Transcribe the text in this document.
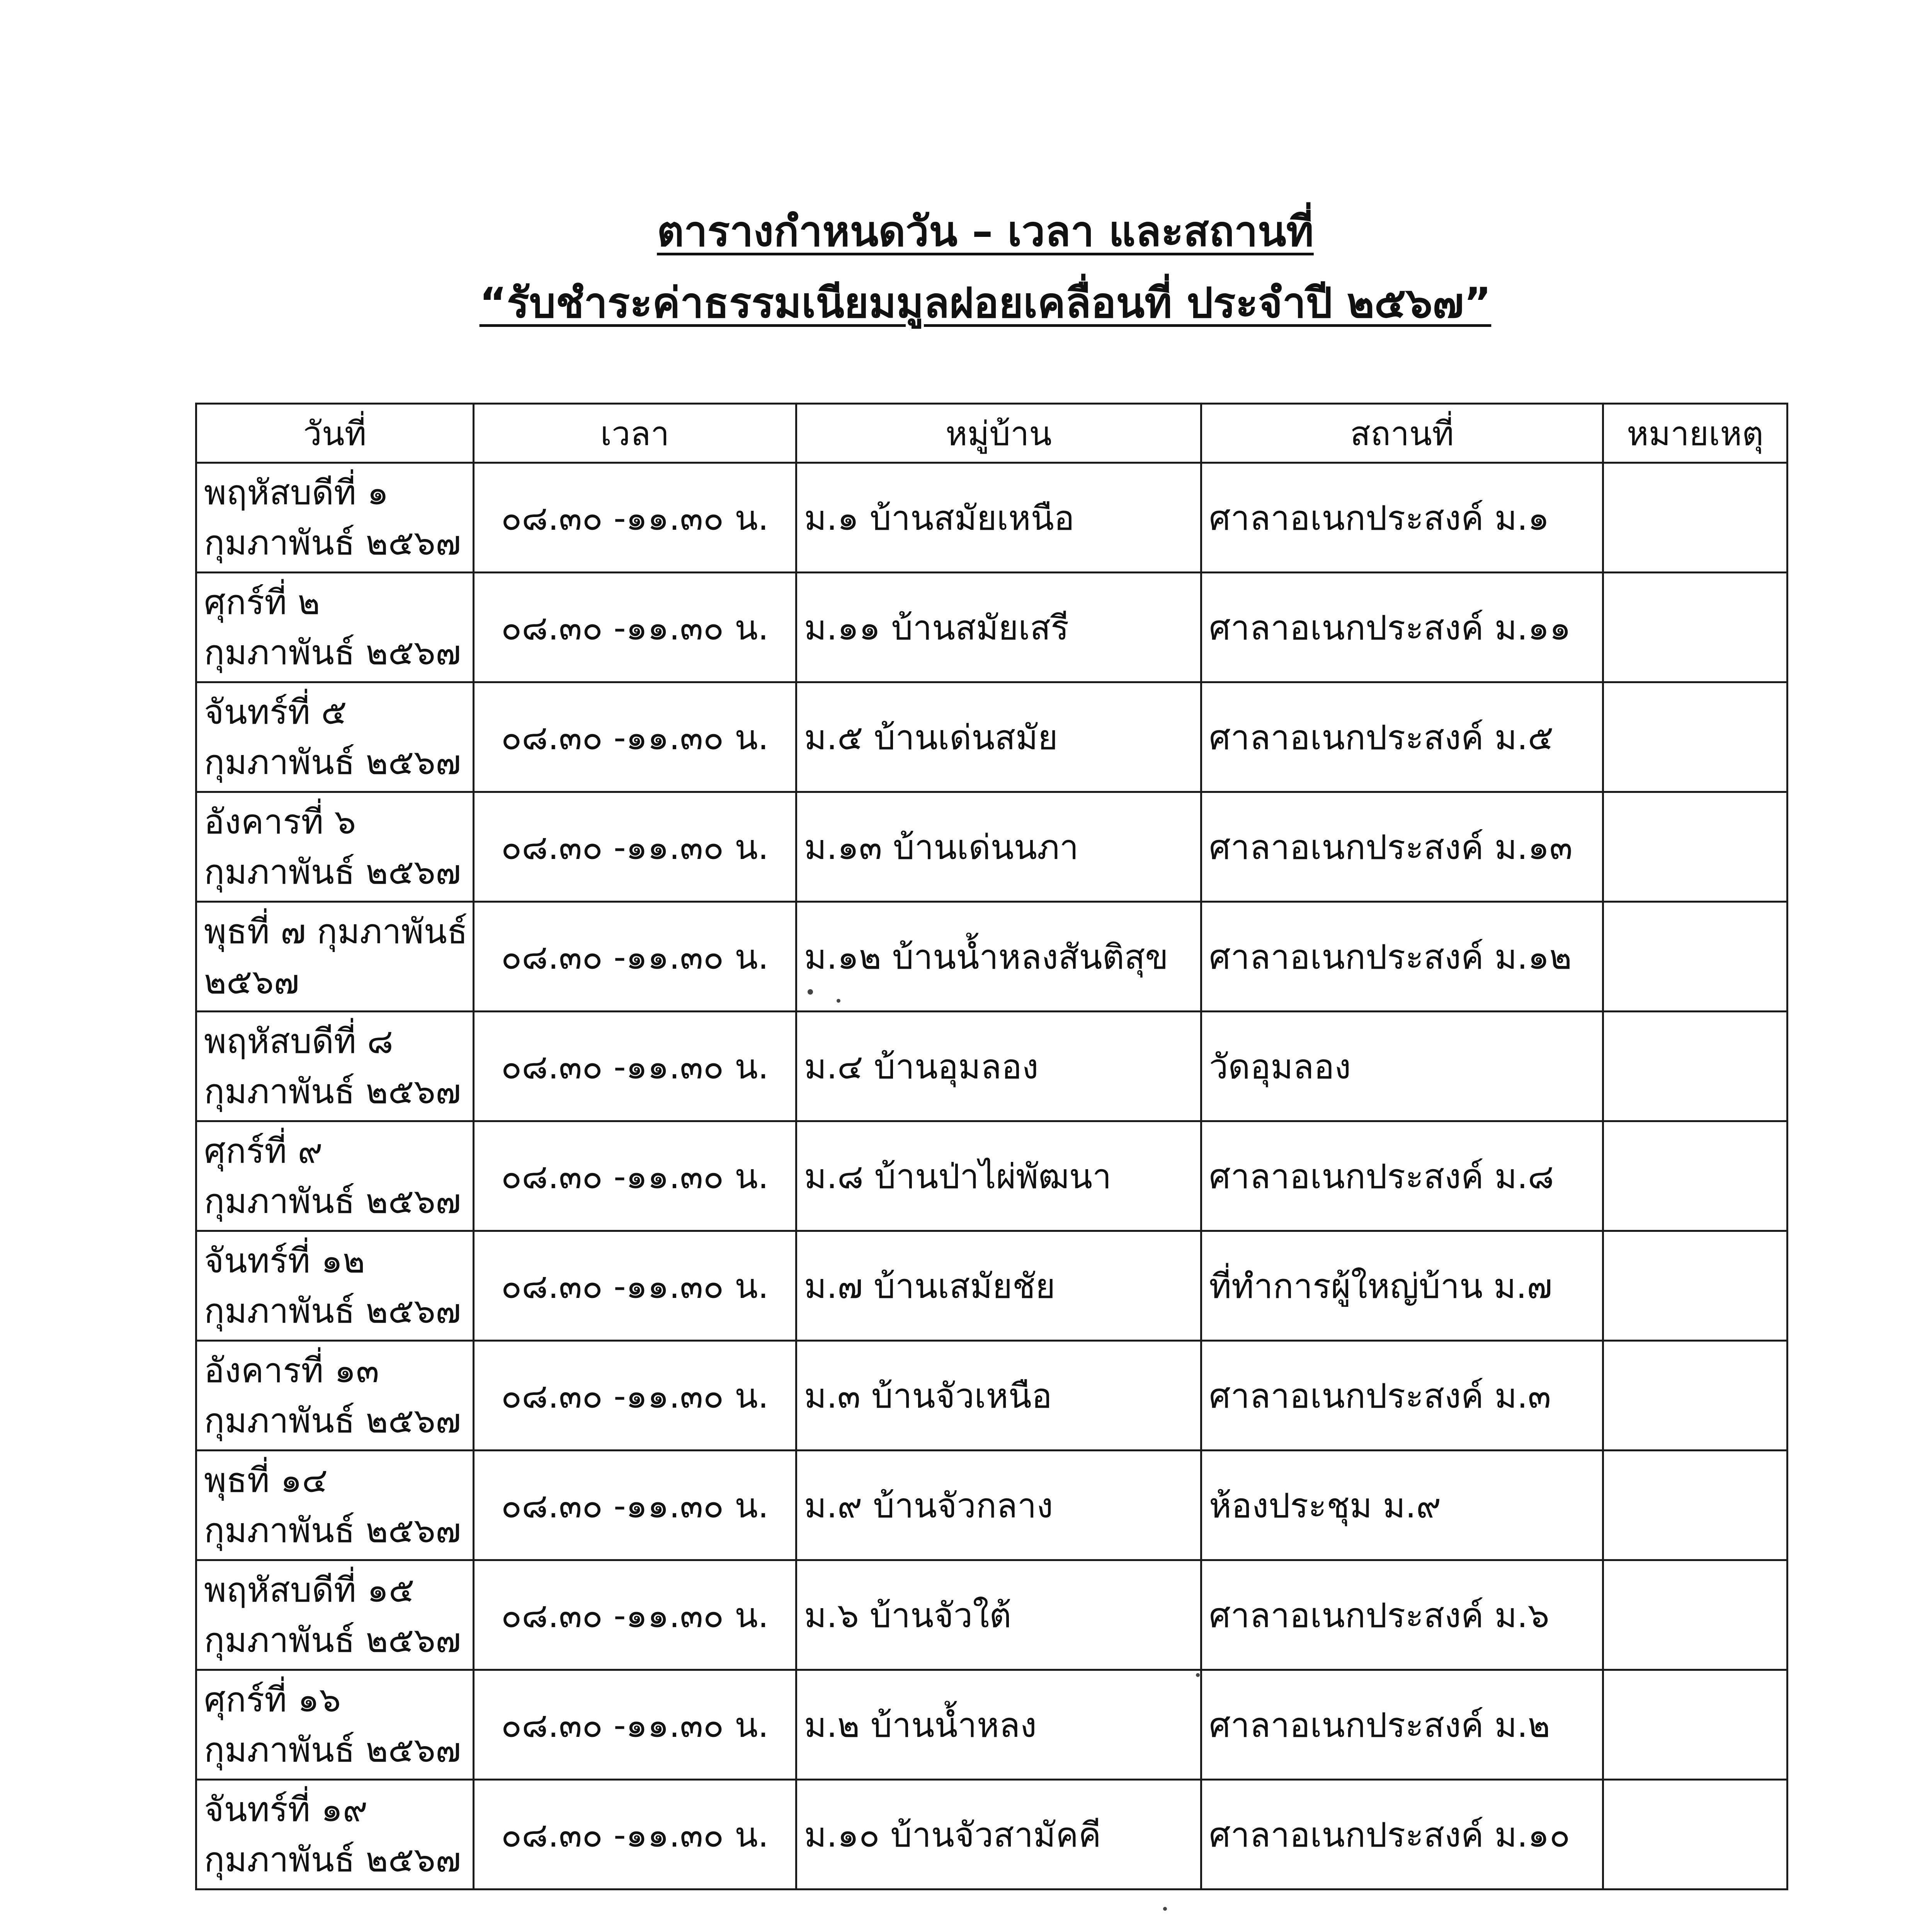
ตารางกำหนดวัน – เวลา และสถานที่
“รับชำระค่าธรรมเนียมมูลฝอยเคลื่อนที่ ประจำปี ๒๕๖๗”
วันที่	เวลา	หมู่บ้าน	สถานที่	หมายเหตุ

พฤหัสบดีที่ ๑
กุมภาพันธ์ ๒๕๖๗	๐๘.๓๐ -๑๑.๓๐ น.	ม.๑ บ้านสมัยเหนือ	ศาลาอเนกประสงค์ ม.๑	

ศุกร์ที่ ๒
กุมภาพันธ์ ๒๕๖๗	๐๘.๓๐ -๑๑.๓๐ น.	ม.๑๑ บ้านสมัยเสรี	ศาลาอเนกประสงค์ ม.๑๑	

จันทร์ที่ ๕
กุมภาพันธ์ ๒๕๖๗	๐๘.๓๐ -๑๑.๓๐ น.	ม.๕ บ้านเด่นสมัย	ศาลาอเนกประสงค์ ม.๕	

อังคารที่ ๖
กุมภาพันธ์ ๒๕๖๗	๐๘.๓๐ -๑๑.๓๐ น.	ม.๑๓ บ้านเด่นนภา	ศาลาอเนกประสงค์ ม.๑๓	

พุธที่ ๗ กุมภาพันธ์
๒๕๖๗	๐๘.๓๐ -๑๑.๓๐ น.	ม.๑๒ บ้านน้ำหลงสันติสุข	ศาลาอเนกประสงค์ ม.๑๒	

พฤหัสบดีที่ ๘
กุมภาพันธ์ ๒๕๖๗	๐๘.๓๐ -๑๑.๓๐ น.	ม.๔ บ้านอุมลอง	วัดอุมลอง	

ศุกร์ที่ ๙
กุมภาพันธ์ ๒๕๖๗	๐๘.๓๐ -๑๑.๓๐ น.	ม.๘ บ้านป่าไผ่พัฒนา	ศาลาอเนกประสงค์ ม.๘	

จันทร์ที่ ๑๒
กุมภาพันธ์ ๒๕๖๗	๐๘.๓๐ -๑๑.๓๐ น.	ม.๗ บ้านเสมัยชัย	ที่ทำการผู้ใหญ่บ้าน ม.๗	

อังคารที่ ๑๓
กุมภาพันธ์ ๒๕๖๗	๐๘.๓๐ -๑๑.๓๐ น.	ม.๓ บ้านจัวเหนือ	ศาลาอเนกประสงค์ ม.๓	

พุธที่ ๑๔
กุมภาพันธ์ ๒๕๖๗	๐๘.๓๐ -๑๑.๓๐ น.	ม.๙ บ้านจัวกลาง	ห้องประชุม ม.๙	

พฤหัสบดีที่ ๑๕
กุมภาพันธ์ ๒๕๖๗	๐๘.๓๐ -๑๑.๓๐ น.	ม.๖ บ้านจัวใต้	ศาลาอเนกประสงค์ ม.๖	

ศุกร์ที่ ๑๖
กุมภาพันธ์ ๒๕๖๗	๐๘.๓๐ -๑๑.๓๐ น.	ม.๒ บ้านน้ำหลง	ศาลาอเนกประสงค์ ม.๒	

จันทร์ที่ ๑๙
กุมภาพันธ์ ๒๕๖๗	๐๘.๓๐ -๑๑.๓๐ น.	ม.๑๐ บ้านจัวสามัคคี	ศาลาอเนกประสงค์ ม.๑๐	
